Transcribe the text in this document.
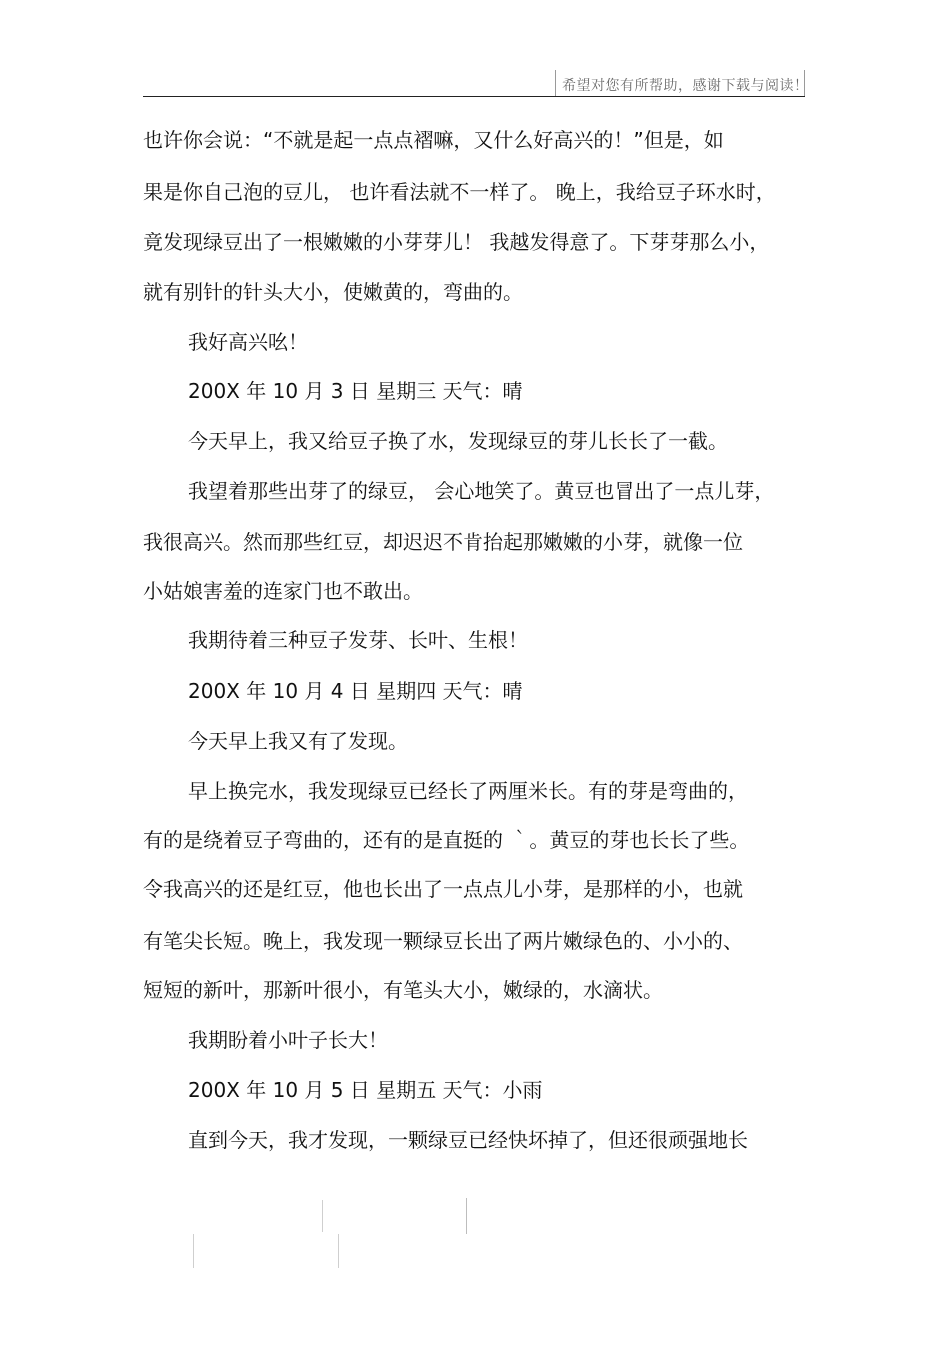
希望对您有所帮助，感谢下载与阅读！
也许你会说：“不就是起一点点褶嘛，又什么好高兴的！”但是，如
果是你自己泡的豆儿， 也许看法就不一样了。 晚上，我给豆子环水时，
竟发现绿豆出了一根嫩嫩的小芽芽儿！ 我越发得意了。下芽芽那么小，
就有别针的针头大小，使嫩黄的，弯曲的。
我好高兴吆！
200X 年 10 月 3 日 星期三 天气：晴
今天早上，我又给豆子换了水，发现绿豆的芽儿长长了一截。
我望着那些出芽了的绿豆， 会心地笑了。黄豆也冒出了一点儿芽，
我很高兴。然而那些红豆，却迟迟不肯抬起那嫩嫩的小芽，就像一位
小姑娘害羞的连家门也不敢出。
我期待着三种豆子发芽、长叶、生根！
200X 年 10 月 4 日 星期四 天气：晴
今天早上我又有了发现。
早上换完水，我发现绿豆已经长了两厘米长。有的芽是弯曲的，
有的是绕着豆子弯曲的，还有的是直挺的 ｀。黄豆的芽也长长了些。
令我高兴的还是红豆，他也长出了一点点儿小芽，是那样的小，也就
有笔尖长短。晚上，我发现一颗绿豆长出了两片嫩绿色的、小小的、
短短的新叶，那新叶很小，有笔头大小，嫩绿的，水滴状。
我期盼着小叶子长大！
200X 年 10 月 5 日 星期五 天气：小雨
直到今天，我才发现，一颗绿豆已经快坏掉了，但还很顽强地长
